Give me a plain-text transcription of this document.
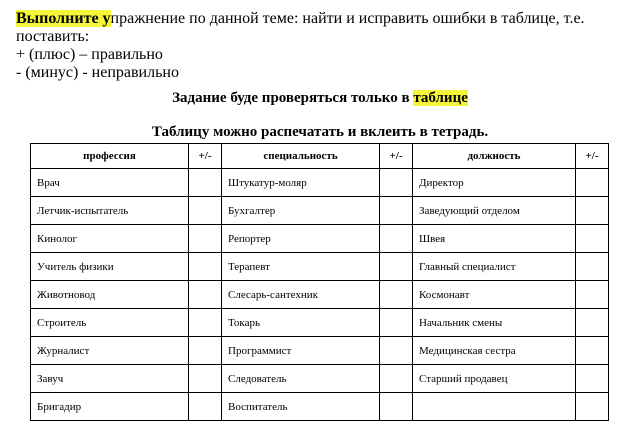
Выполните упражнение по данной теме: найти и исправить ошибки в таблице, т.е.
поставить:
+ (плюс) – правильно
- (минус) - неправильно
Задание буде проверяться только в таблице
Таблицу можно распечатать и вклеить в тетрадь.
профессия	+/-	специальность	+/-	должность	+/-
Врач		Штукатур-моляр		Директор	
Летчик-испытатель		Бухгалтер		Заведующий отделом	
Кинолог		Репортер		Швея	
Учитель физики		Терапевт		Главный специалист	
Животновод		Слесарь-сантехник		Космонавт	
Строитель		Токарь		Начальник смены	
Журналист		Программист		Медицинская сестра	
Завуч		Следователь		Старший продавец	
Бригадир		Воспитатель			
